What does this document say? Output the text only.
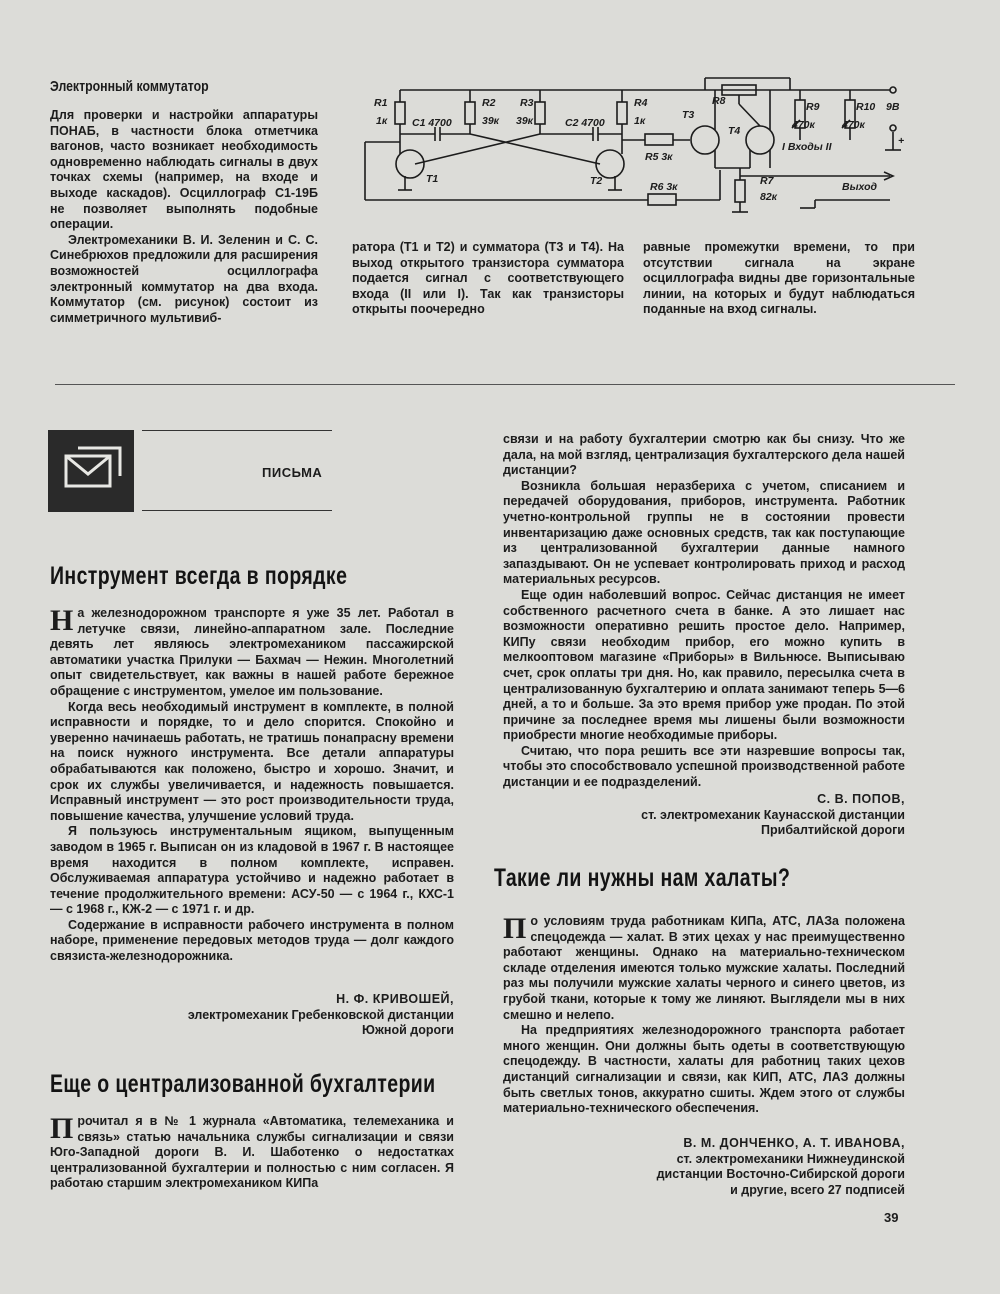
Электронный коммутатор

Для проверки и настройки аппаратуры ПОНАБ, в частности блока отметчика вагонов, часто возникает необходимость одновременно наблюдать сигналы в двух точках схемы (например, на входе и выходе каскадов). Осциллограф С1-19Б не позволяет выполнять подобные операции.

Электромеханики В. И. Зеленин и С. С. Синебрюхов предложили для расширения возможностей осциллографа электронный коммутатор на два входа. Коммутатор (см. рисунок) состоит из симметричного мультивиб-

ратора (Т1 и Т2) и сумматора (Т3 и Т4). На выход открытого транзистора сумматора подается сигнал с соответствующего входа (II или I). Так как транзисторы открыты поочередно

равные промежутки времени, то при отсутствии сигнала на экране осциллографа видны две горизонтальные линии, на которых и будут наблюдаться поданные на вход сигналы.

R1
1к С1 4700
R2
39к
R3
39к	С2 4700
R4
1к
Т1	Т2
Т3
Т4
R5 3к
R6 3к	R7
82к
R8	R9
470к
R10
470к
9В
I Входы II
Выход
+
ПИСЬМА
Инструмент всегда в порядке

На железнодорожном транспорте я уже 35 лет. Работал в летучке связи, линейно-аппаратном зале. Последние девять лет являюсь электромехаником пассажирской автоматики участка Прилуки — Бахмач — Нежин. Многолетний опыт свидетельствует, как важны в нашей работе бережное обращение с инструментом, умелое им пользование.

Когда весь необходимый инструмент в комплекте, в полной исправности и порядке, то и дело спорится. Спокойно и уверенно начинаешь работать, не тратишь понапрасну времени на поиск нужного инструмента. Все детали аппаратуры обрабатываются как положено, быстро и хорошо. Значит, и срок их службы увеличивается, и надежность повышается. Исправный инструмент — это рост производительности труда, повышение качества, улучшение условий труда.

Я пользуюсь инструментальным ящиком, выпущенным заводом в 1965 г. Выписан он из кладовой в 1967 г. В настоящее время находится в полном комплекте, исправен. Обслуживаемая аппаратура устойчиво и надежно работает в течение продолжительного времени: АСУ-50 — с 1964 г., КХС-1 — с 1968 г., КЖ-2 — с 1971 г. и др.

Содержание в исправности рабочего инструмента в полном наборе, применение передовых методов труда — долг каждого связиста-железнодорожника.

Н. Ф. КРИВОШЕЙ,
электромеханик Гребенковской дистанции
Южной дороги
Еще о централизованной бухгалтерии

Прочитал я в № 1 журнала «Автоматика, телемеханика и связь» статью начальника службы сигнализации и связи Юго-Западной дороги В. И. Шаботенко о недостатках централизованной бухгалтерии и полностью с ним согласен. Я работаю старшим электромехаником КИПа

связи и на работу бухгалтерии смотрю как бы снизу. Что же дала, на мой взгляд, централизация бухгалтерского дела нашей дистанции?

Возникла большая неразбериха с учетом, списанием и передачей оборудования, приборов, инструмента. Работник учетно-контрольной группы не в состоянии провести инвентаризацию даже основных средств, так как поступающие из централизованной бухгалтерии данные намного запаздывают. Он не успевает контролировать приход и расход материальных ресурсов.

Еще один наболевший вопрос. Сейчас дистанция не имеет собственного расчетного счета в банке. А это лишает нас возможности оперативно решить простое дело. Например, КИПу связи необходим прибор, его можно купить в мелкооптовом магазине «Приборы» в Вильнюсе. Выписываю счет, срок оплаты три дня. Но, как правило, пересылка счета в централизованную бухгалтерию и оплата занимают теперь 5—6 дней, а то и больше. За это время прибор уже продан. По этой причине за последнее время мы лишены были возможности приобрести многие необходимые приборы.

Считаю, что пора решить все эти назревшие вопросы так, чтобы это способствовало успешной производственной работе дистанции и ее подразделений.

С. В. ПОПОВ,
ст. электромеханик Каунасской дистанции
Прибалтийской дороги
Такие ли нужны нам халаты?

По условиям труда работникам КИПа, АТС, ЛАЗа положена спецодежда — халат. В этих цехах у нас преимущественно работают женщины. Однако на материально-техническом складе отделения имеются только мужские халаты. Последний раз мы получили мужские халаты черного и синего цветов, из грубой ткани, которые к тому же линяют. Выглядели мы в них смешно и нелепо.

На предприятиях железнодорожного транспорта работает много женщин. Они должны быть одеты в соответствующую спецодежду. В частности, халаты для работниц таких цехов дистанций сигнализации и связи, как КИП, АТС, ЛАЗ должны быть светлых тонов, аккуратно сшиты. Ждем этого от службы материально-технического обеспечения.

В. М. ДОНЧЕНКО, А. Т. ИВАНОВА,
ст. электромеханики Нижнеудинской
дистанции Восточно-Сибирской дороги
и другие, всего 27 подписей
39
